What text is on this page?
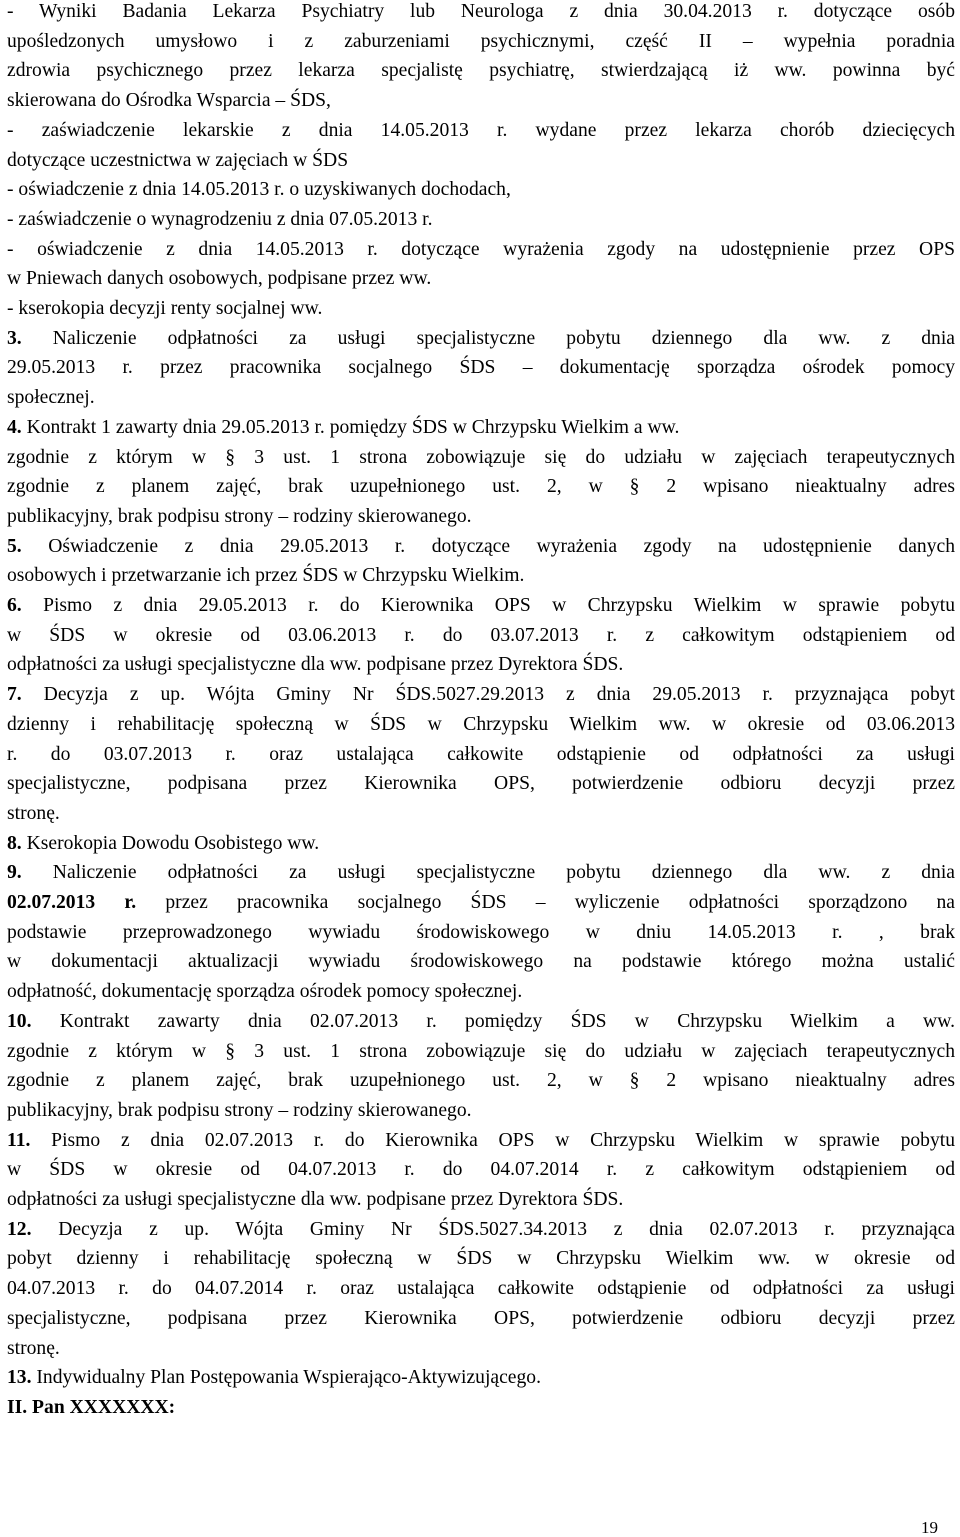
- Wyniki Badania Lekarza Psychiatry lub Neurologa z dnia 30.04.2013 r. dotyczące osób
upośledzonych umysłowo i z zaburzeniami psychicznymi, część II – wypełnia poradnia
zdrowia psychicznego przez lekarza specjalistę psychiatrę, stwierdzającą iż ww. powinna być
skierowana do Ośrodka Wsparcia – ŚDS,
- zaświadczenie lekarskie z dnia 14.05.2013 r. wydane przez lekarza chorób dziecięcych
dotyczące uczestnictwa w zajęciach w ŚDS
- oświadczenie z dnia 14.05.2013 r. o uzyskiwanych dochodach,
- zaświadczenie o wynagrodzeniu z dnia 07.05.2013 r.
- oświadczenie z dnia 14.05.2013 r. dotyczące wyrażenia zgody na udostępnienie przez OPS
w Pniewach danych osobowych, podpisane przez ww.
- kserokopia decyzji renty socjalnej ww.
3. Naliczenie odpłatności za usługi specjalistyczne pobytu dziennego dla ww. z dnia
29.05.2013 r. przez pracownika socjalnego ŚDS – dokumentację sporządza ośrodek pomocy
społecznej.
4. Kontrakt 1 zawarty dnia 29.05.2013 r. pomiędzy ŚDS w Chrzypsku Wielkim a ww.
zgodnie z którym w § 3 ust. 1 strona zobowiązuje się do udziału w zajęciach terapeutycznych
zgodnie z planem zajęć, brak uzupełnionego ust. 2, w § 2 wpisano nieaktualny adres
publikacyjny, brak podpisu strony – rodziny skierowanego.
5. Oświadczenie z dnia 29.05.2013 r. dotyczące wyrażenia zgody na udostępnienie danych
osobowych i przetwarzanie ich przez ŚDS w Chrzypsku Wielkim.
6. Pismo z dnia 29.05.2013 r. do Kierownika OPS w Chrzypsku Wielkim w sprawie pobytu
w ŚDS w okresie od 03.06.2013 r. do 03.07.2013 r. z całkowitym odstąpieniem od
odpłatności za usługi specjalistyczne dla ww. podpisane przez Dyrektora ŚDS.
7. Decyzja z up. Wójta Gminy Nr ŚDS.5027.29.2013 z dnia 29.05.2013 r. przyznająca pobyt
dzienny i rehabilitację społeczną w ŚDS w Chrzypsku Wielkim ww. w okresie od 03.06.2013
r. do 03.07.2013 r. oraz ustalająca całkowite odstąpienie od odpłatności za usługi
specjalistyczne, podpisana przez Kierownika OPS, potwierdzenie odbioru decyzji przez
stronę.
8. Kserokopia Dowodu Osobistego ww.
9. Naliczenie odpłatności za usługi specjalistyczne pobytu dziennego dla ww. z dnia
02.07.2013 r. przez pracownika socjalnego ŚDS – wyliczenie odpłatności sporządzono na
podstawie przeprowadzonego wywiadu środowiskowego w dniu 14.05.2013 r. , brak
w dokumentacji aktualizacji wywiadu środowiskowego na podstawie którego można ustalić
odpłatność, dokumentację sporządza ośrodek pomocy społecznej.
10. Kontrakt zawarty dnia 02.07.2013 r. pomiędzy ŚDS w Chrzypsku Wielkim a ww.
zgodnie z którym w § 3 ust. 1 strona zobowiązuje się do udziału w zajęciach terapeutycznych
zgodnie z planem zajęć, brak uzupełnionego ust. 2, w § 2 wpisano nieaktualny adres
publikacyjny, brak podpisu strony – rodziny skierowanego.
11. Pismo z dnia 02.07.2013 r. do Kierownika OPS w Chrzypsku Wielkim w sprawie pobytu
w ŚDS w okresie od 04.07.2013 r. do 04.07.2014 r. z całkowitym odstąpieniem od
odpłatności za usługi specjalistyczne dla ww. podpisane przez Dyrektora ŚDS.
12. Decyzja z up. Wójta Gminy Nr ŚDS.5027.34.2013 z dnia 02.07.2013 r. przyznająca
pobyt dzienny i rehabilitację społeczną w ŚDS w Chrzypsku Wielkim ww. w okresie od
04.07.2013 r. do 04.07.2014 r. oraz ustalająca całkowite odstąpienie od odpłatności za usługi
specjalistyczne, podpisana przez Kierownika OPS, potwierdzenie odbioru decyzji przez
stronę.
13. Indywidualny Plan Postępowania Wspierająco-Aktywizującego.
II. Pan XXXXXXX:
19
